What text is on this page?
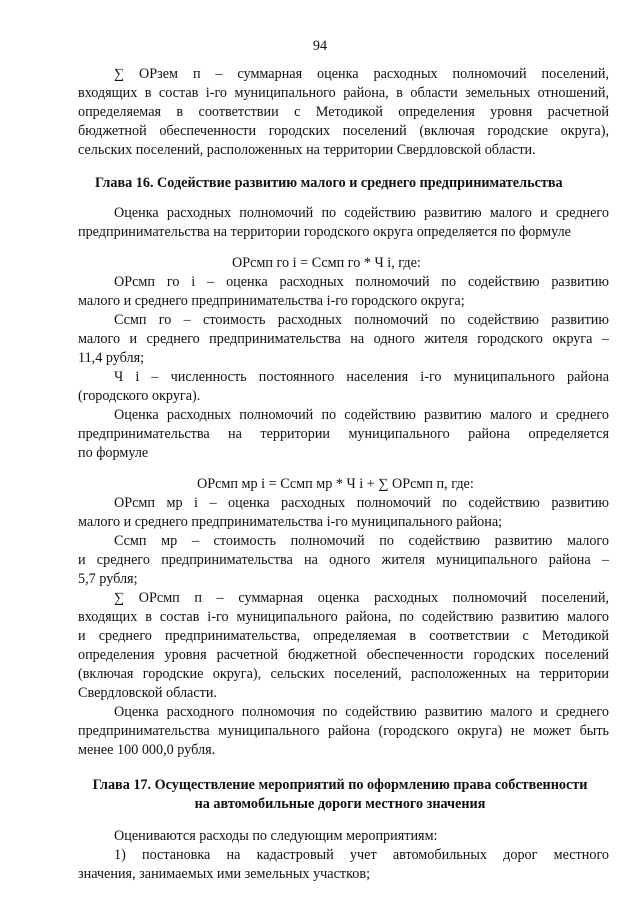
94
∑ ОРзем п – суммарная оценка расходных полномочий поселений,
входящих в состав i-го муниципального района, в области земельных отношений,
определяемая в соответствии с Методикой определения уровня расчетной
бюджетной обеспеченности городских поселений (включая городские округа),
сельских поселений, расположенных на территории Свердловской области.
Глава 16. Содействие развитию малого и среднего предпринимательства
Оценка расходных полномочий по содействию развитию малого и среднего
предпринимательства на территории городского округа определяется по формуле
ОРсмп го i = Ссмп го * Ч i, где:
ОРсмп го i – оценка расходных полномочий по содействию развитию
малого и среднего предпринимательства i-го городского округа;
Ссмп го – стоимость расходных полномочий по содействию развитию
малого и среднего предпринимательства на одного жителя городского округа –
11,4 рубля;
Ч i – численность постоянного населения i-го муниципального района
(городского округа).
Оценка расходных полномочий по содействию развитию малого и среднего
предпринимательства на территории муниципального района определяется
по формуле
ОРсмп мр i = Ссмп мр * Ч i + ∑ ОРсмп п, где:
ОРсмп мр i – оценка расходных полномочий по содействию развитию
малого и среднего предпринимательства i-го муниципального района;
Ссмп мр – стоимость полномочий по содействию развитию малого
и среднего предпринимательства на одного жителя муниципального района –
5,7 рубля;
∑ ОРсмп п – суммарная оценка расходных полномочий поселений,
входящих в состав i-го муниципального района, по содействию развитию малого
и среднего предпринимательства, определяемая в соответствии с Методикой
определения уровня расчетной бюджетной обеспеченности городских поселений
(включая городские округа), сельских поселений, расположенных на территории
Свердловской области.
Оценка расходного полномочия по содействию развитию малого и среднего
предпринимательства муниципального района (городского округа) не может быть
менее 100 000,0 рубля.
Глава 17. Осуществление мероприятий по оформлению права собственности
на автомобильные дороги местного значения
Оцениваются расходы по следующим мероприятиям:
1) постановка на кадастровый учет автомобильных дорог местного
значения, занимаемых ими земельных участков;
